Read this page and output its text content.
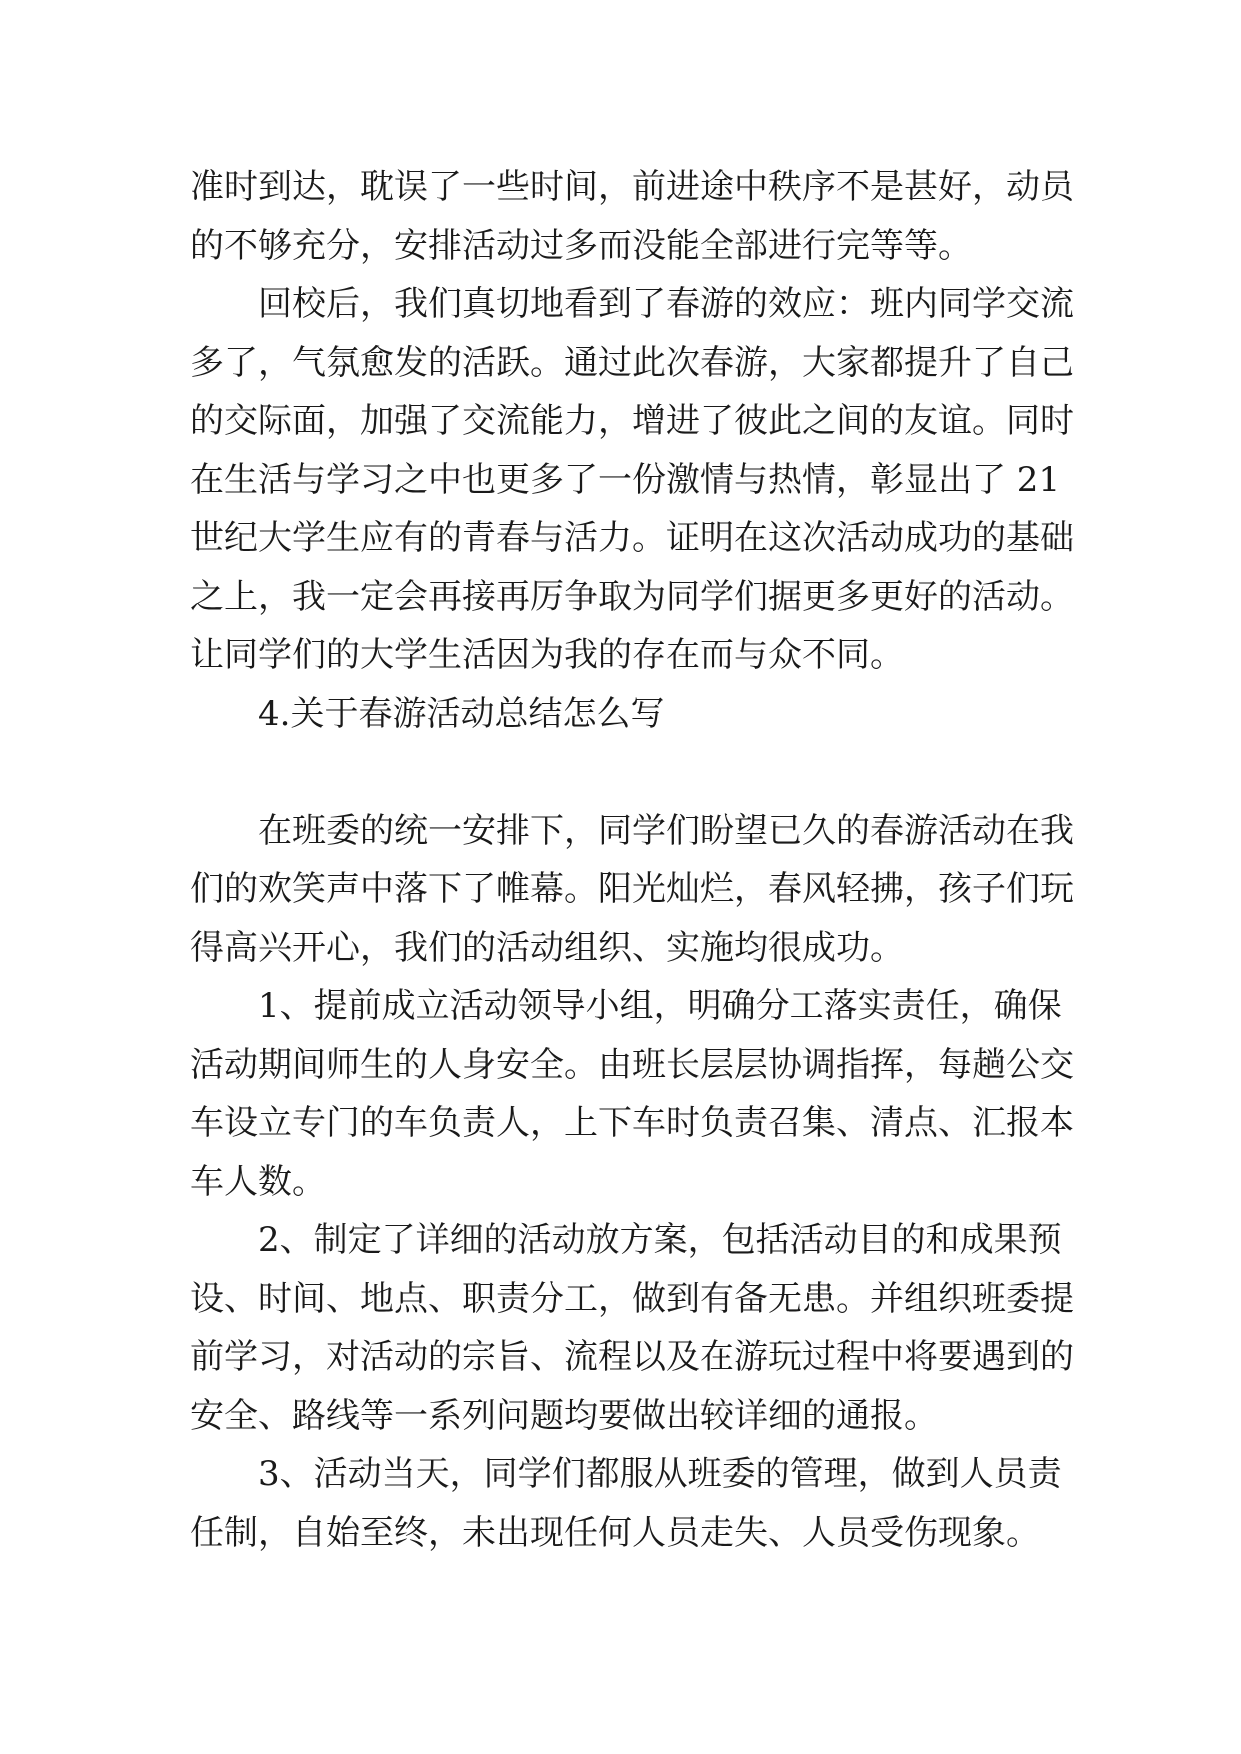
准时到达，耽误了一些时间，前进途中秩序不是甚好，动员
的不够充分，安排活动过多而没能全部进行完等等。
回校后，我们真切地看到了春游的效应：班内同学交流
多了，气氛愈发的活跃。通过此次春游，大家都提升了自己
的交际面，加强了交流能力，增进了彼此之间的友谊。同时
在生活与学习之中也更多了一份激情与热情，彰显出了 21
世纪大学生应有的青春与活力。证明在这次活动成功的基础
之上，我一定会再接再厉争取为同学们据更多更好的活动。
让同学们的大学生活因为我的存在而与众不同。
4.关于春游活动总结怎么写
在班委的统一安排下，同学们盼望已久的春游活动在我
们的欢笑声中落下了帷幕。阳光灿烂，春风轻拂，孩子们玩
得高兴开心，我们的活动组织、实施均很成功。
1、提前成立活动领导小组，明确分工落实责任，确保
活动期间师生的人身安全。由班长层层协调指挥，每趟公交
车设立专门的车负责人，上下车时负责召集、清点、汇报本
车人数。
2、制定了详细的活动放方案，包括活动目的和成果预
设、时间、地点、职责分工，做到有备无患。并组织班委提
前学习，对活动的宗旨、流程以及在游玩过程中将要遇到的
安全、路线等一系列问题均要做出较详细的通报。
3、活动当天，同学们都服从班委的管理，做到人员责
任制，自始至终，未出现任何人员走失、人员受伤现象。
